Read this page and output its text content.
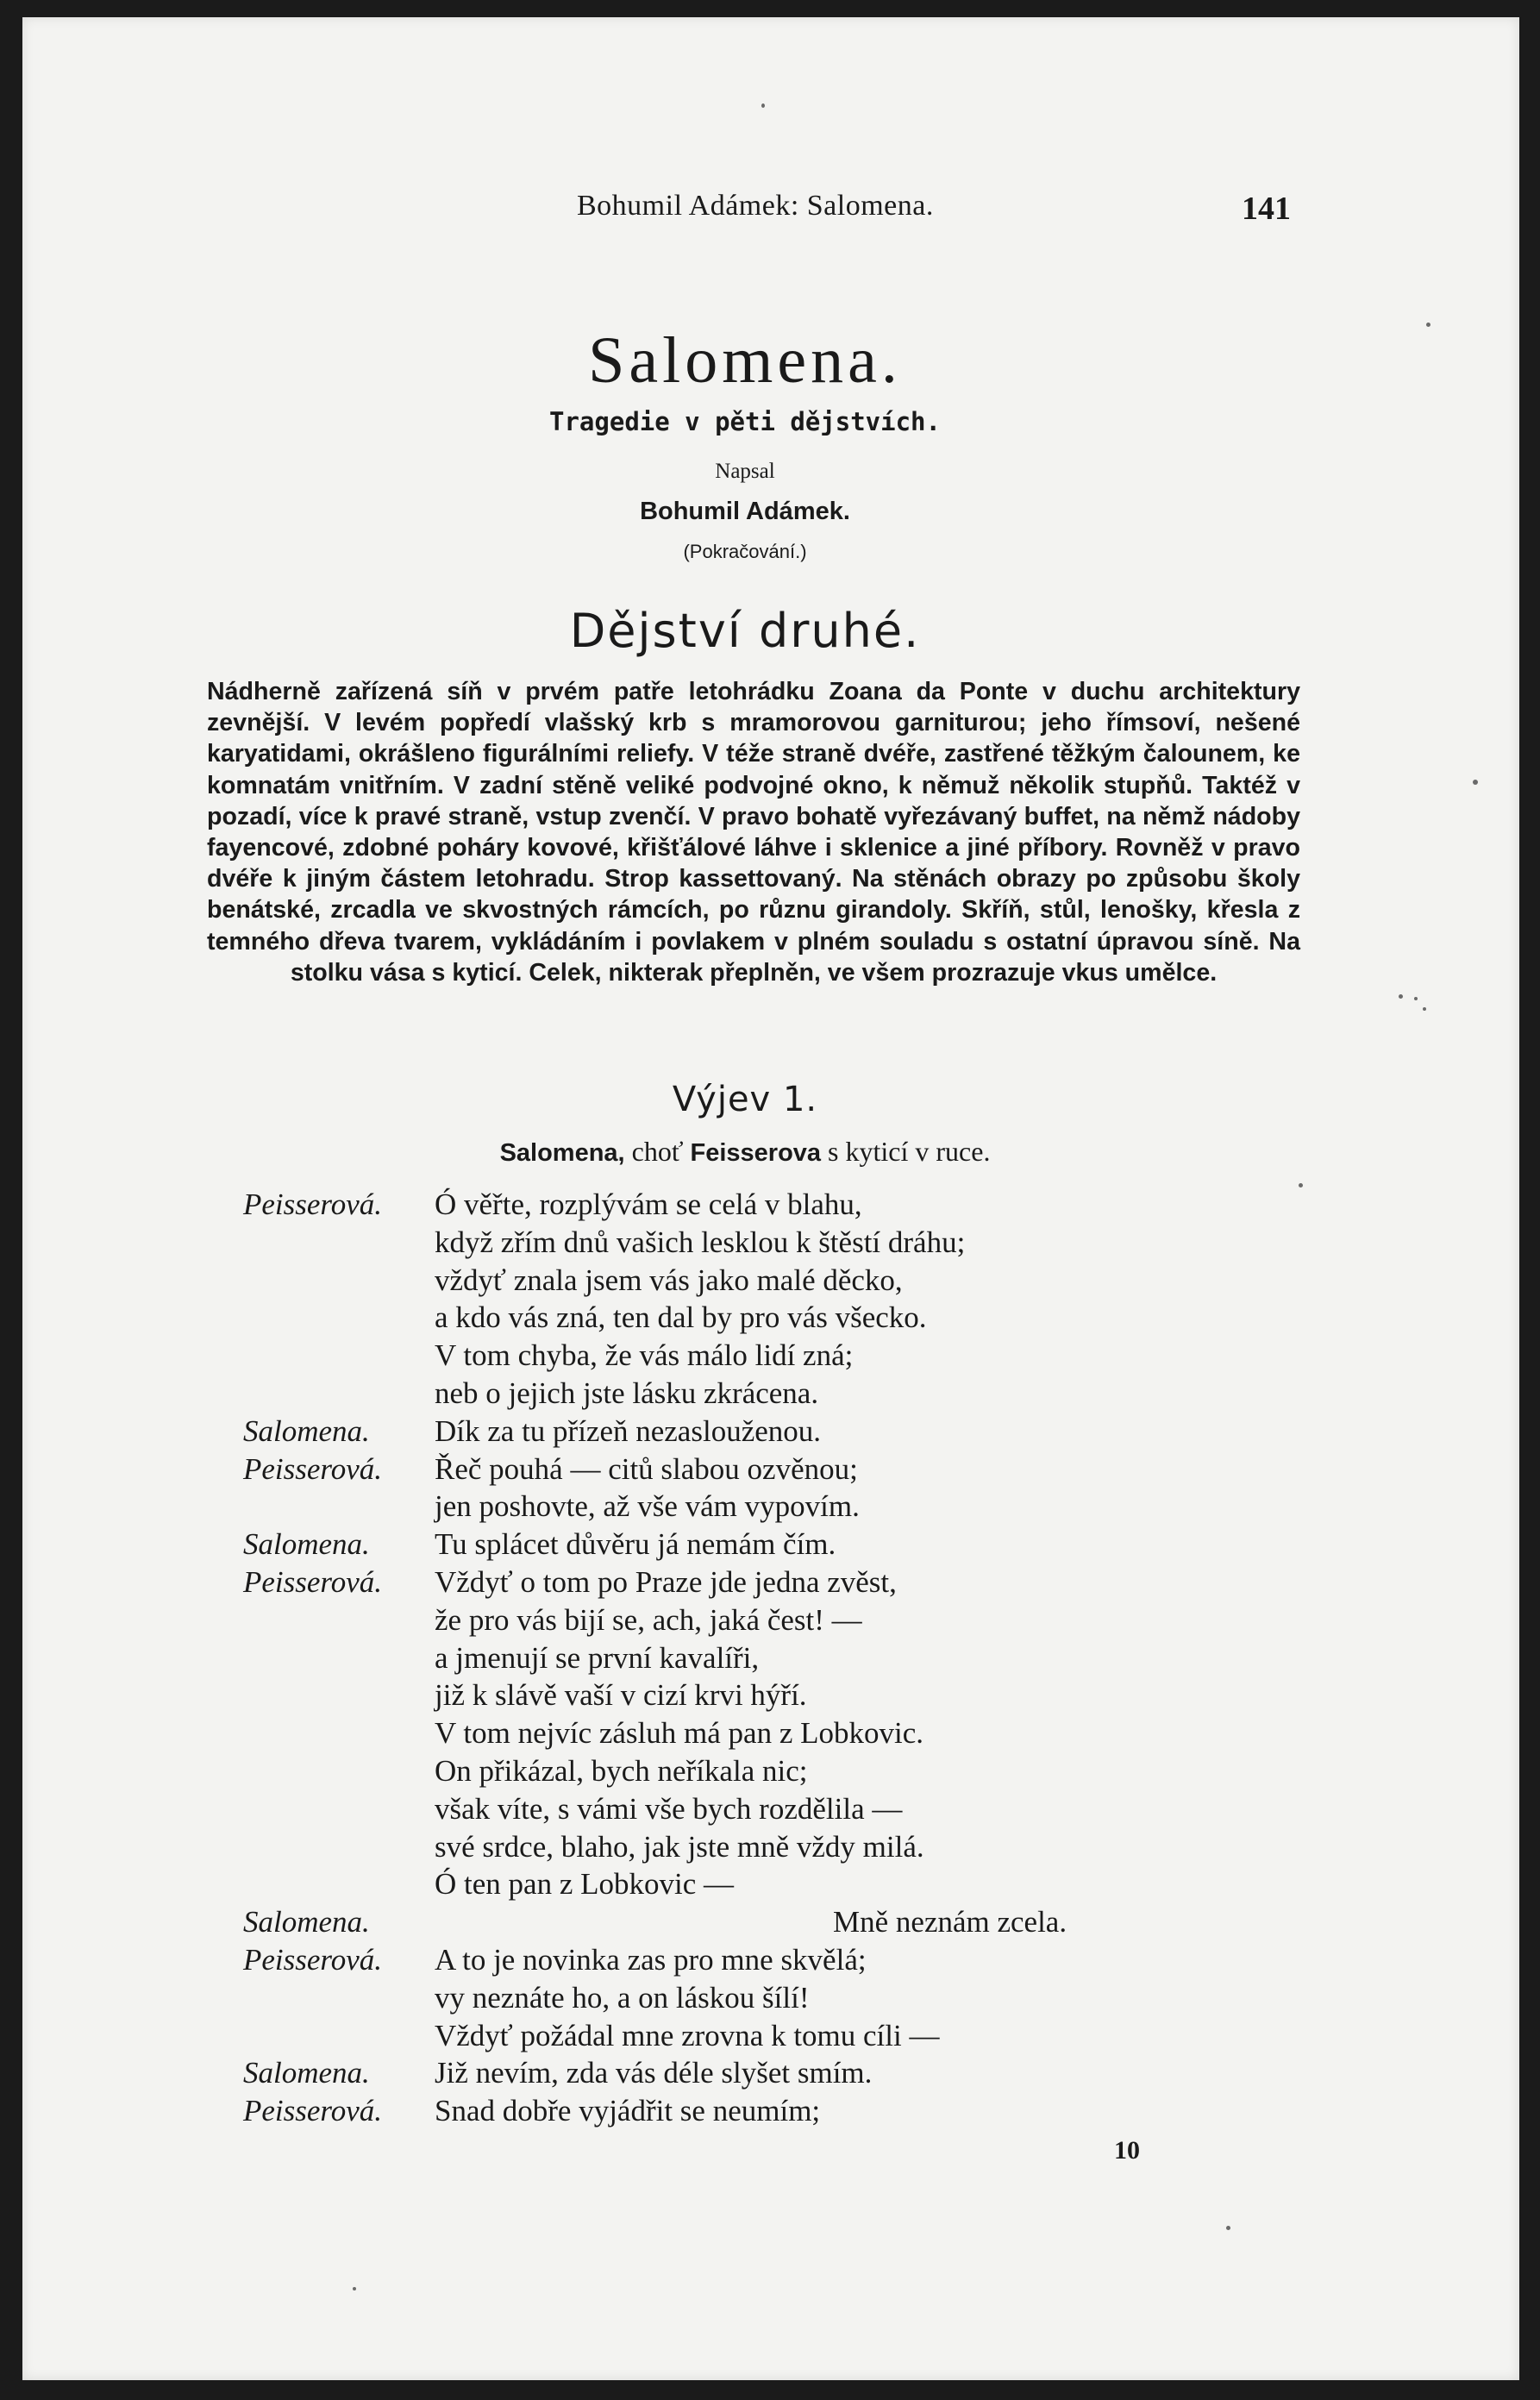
Bohumil Adámek: Salomena.	141
Salomena.
Tragedie v pěti dějstvích.
Napsal
Bohumil Adámek.
(Pokračování.)
Dějství druhé.

Nádherně zařízená síň v prvém patře letohrádku Zoana da Ponte v duchu architektury zevnější. V levém popředí vlašský krb s mramorovou garniturou; jeho římsoví, nešené karyatidami, okrášleno figurálními reliefy. V téže straně dvéře, zastřené těžkým čalounem, ke komnatám vnitřním. V zadní stěně veliké podvojné okno, k němuž několik stupňů. Taktéž v pozadí, více k pravé straně, vstup zvenčí. V pravo bohatě vyřezávaný buffet, na němž nádoby fayencové, zdobné poháry kovové, křišťálové láhve i sklenice a jiné příbory. Rovněž v pravo dvéře k jiným částem letohradu. Strop kassettovaný. Na stěnách obrazy po způsobu školy benátské, zrcadla ve skvostných rámcích, po různu girandoly. Skříň, stůl, lenošky, křesla z temného dřeva tvarem, vykládáním i povlakem v plném souladu s ostatní úpravou síně. Na stolku vása s kyticí. Celek, nikterak přeplněn, ve všem prozrazuje vkus umělce.

Výjev 1.
Salomena, choť Feisserova s kyticí v ruce.
Peisserová. Ó věřte, rozplývám se celá v blahu,
když zřím dnů vašich lesklou k štěstí dráhu;
vždyť znala jsem vás jako malé děcko,
a kdo vás zná, ten dal by pro vás všecko.
V tom chyba, že vás málo lidí zná;
neb o jejich jste lásku zkrácena.
Salomena. Dík za tu přízeň nezaslouženou.
Peisserová. Řeč pouhá — citů slabou ozvěnou;
jen poshovte, až vše vám vypovím.
Salomena. Tu splácet důvěru já nemám čím.
Peisserová. Vždyť o tom po Praze jde jedna zvěst,
že pro vás bijí se, ach, jaká čest! —
a jmenují se první kavalíři,
již k slávě vaší v cizí krvi hýří.
V tom nejvíc zásluh má pan z Lobkovic.
On přikázal, bych neříkala nic;
však víte, s vámi vše bych rozdělila —
své srdce, blaho, jak jste mně vždy milá.
Ó ten pan z Lobkovic —
Salomena.	Mně neznám zcela.
Peisserová. A to je novinka zas pro mne skvělá;
vy neznáte ho, a on láskou šílí!
Vždyť požádal mne zrovna k tomu cíli —
Salomena. Již nevím, zda vás déle slyšet smím.
Peisserová. Snad dobře vyjádřit se neumím;
10
